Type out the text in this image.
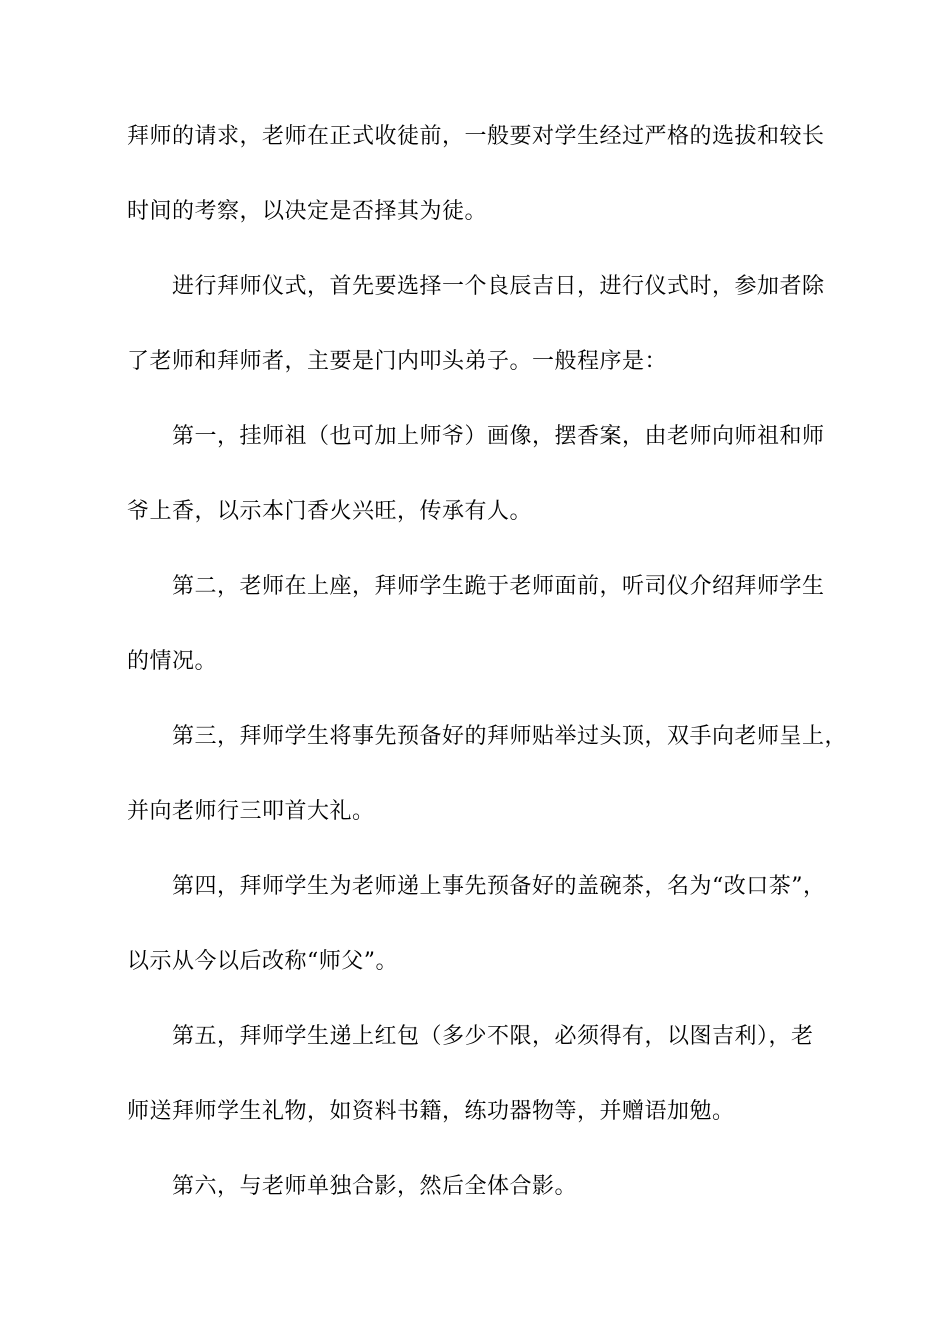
拜师的请求，老师在正式收徒前，一般要对学生经过严格的选拔和较长
时间的考察，以决定是否择其为徒。
进行拜师仪式，首先要选择一个良辰吉日，进行仪式时，参加者除
了老师和拜师者，主要是门内叩头弟子。一般程序是：
第一，挂师祖（也可加上师爷）画像，摆香案，由老师向师祖和师
爷上香，以示本门香火兴旺，传承有人。
第二，老师在上座，拜师学生跪于老师面前，听司仪介绍拜师学生
的情况。
第三，拜师学生将事先预备好的拜师贴举过头顶，双手向老师呈上，
并向老师行三叩首大礼。
第四，拜师学生为老师递上事先预备好的盖碗茶，名为“改口茶”，
以示从今以后改称“师父”。
第五，拜师学生递上红包（多少不限，必须得有，以图吉利），老
师送拜师学生礼物，如资料书籍，练功器物等，并赠语加勉。
第六，与老师单独合影，然后全体合影。
